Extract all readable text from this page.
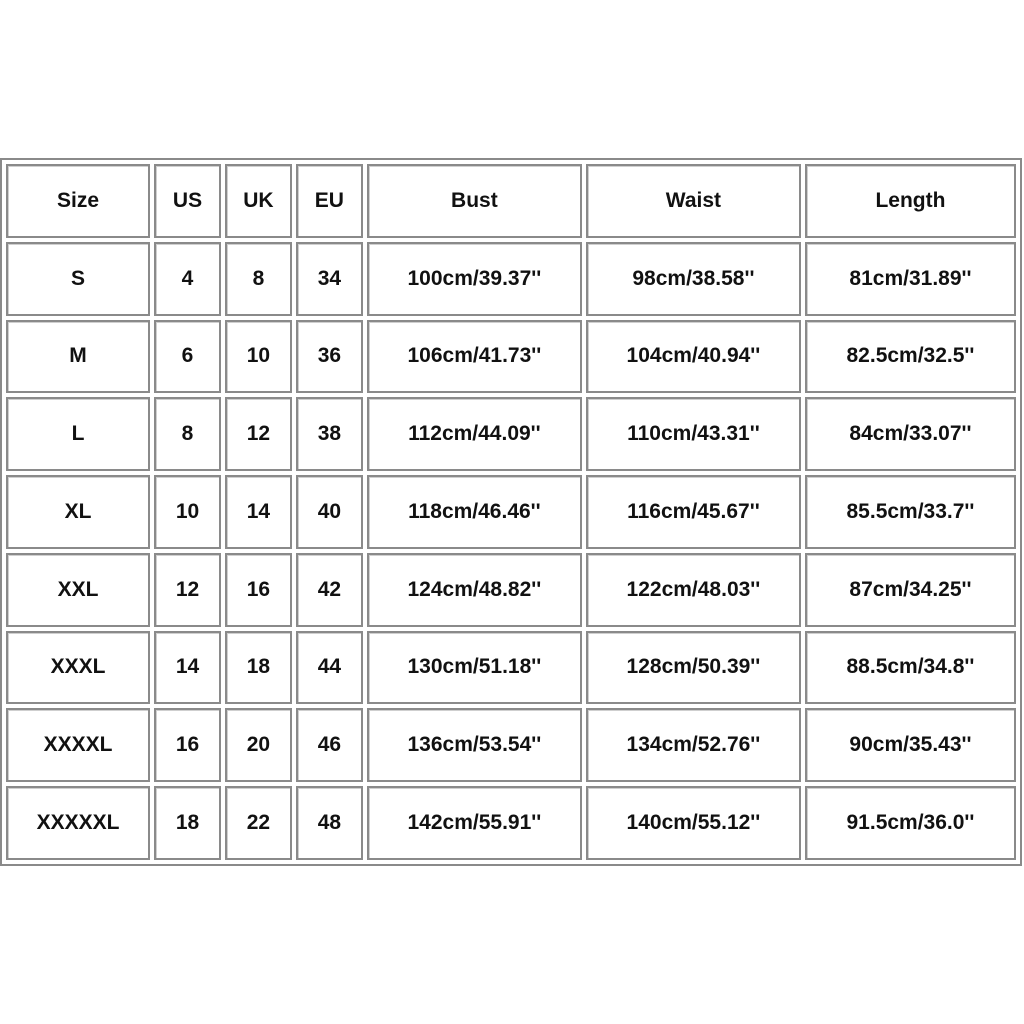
Size	US	UK	EU	Bust	Waist	Length
S	4	8	34	100cm/39.37''	98cm/38.58''	81cm/31.89''
M	6	10	36	106cm/41.73''	104cm/40.94''	82.5cm/32.5''
L	8	12	38	112cm/44.09''	110cm/43.31''	84cm/33.07''
XL	10	14	40	118cm/46.46''	116cm/45.67''	85.5cm/33.7''
XXL	12	16	42	124cm/48.82''	122cm/48.03''	87cm/34.25''
XXXL	14	18	44	130cm/51.18''	128cm/50.39''	88.5cm/34.8''
XXXXL	16	20	46	136cm/53.54''	134cm/52.76''	90cm/35.43''
XXXXXL	18	22	48	142cm/55.91''	140cm/55.12''	91.5cm/36.0''
